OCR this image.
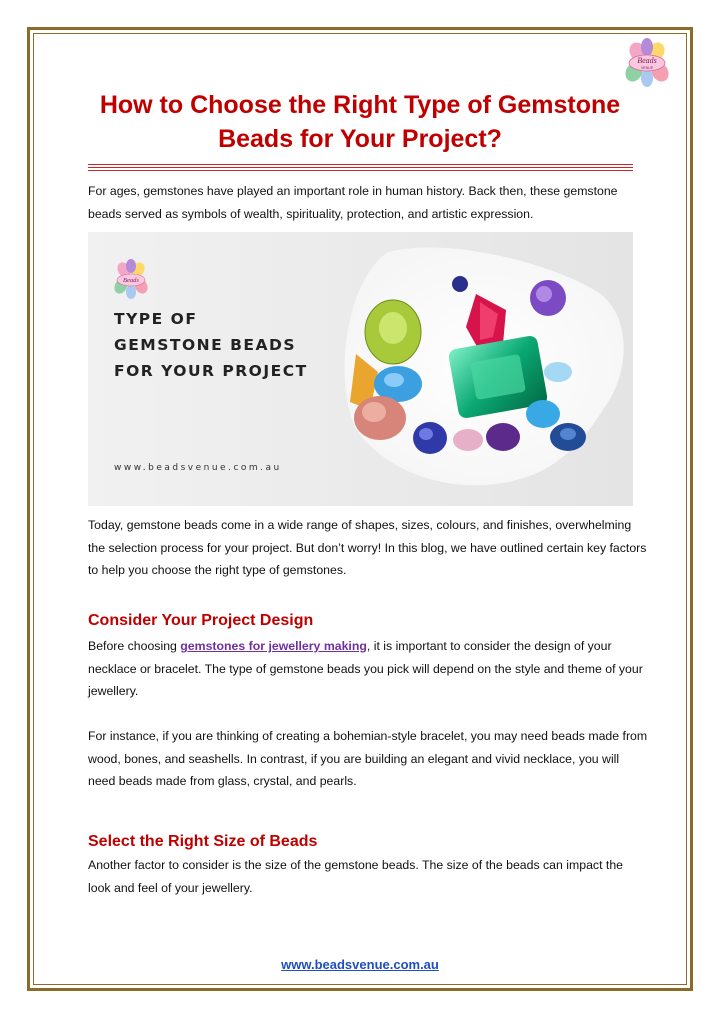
Beads
VENUE
How to Choose the Right Type of Gemstone Beads for Your Project?

For ages, gemstones have played an important role in human history. Back then, these gemstone beads served as symbols of wealth, spirituality, protection, and artistic expression.

Beads
TYPE OF
GEMSTONE BEADS
FOR YOUR PROJECT
www.beadsvenue.com.au

Today, gemstone beads come in a wide range of shapes, sizes, colours, and finishes, overwhelming the selection process for your project. But don’t worry! In this blog, we have outlined certain key factors to help you choose the right type of gemstones.

Consider Your Project Design

Before choosing gemstones for jewellery making, it is important to consider the design of your necklace or bracelet. The type of gemstone beads you pick will depend on the style and theme of your jewellery.

For instance, if you are thinking of creating a bohemian-style bracelet, you may need beads made from wood, bones, and seashells. In contrast, if you are building an elegant and vivid necklace, you will need beads made from glass, crystal, and pearls.

Select the Right Size of Beads

Another factor to consider is the size of the gemstone beads. The size of the beads can impact the look and feel of your jewellery.

www.beadsvenue.com.au
